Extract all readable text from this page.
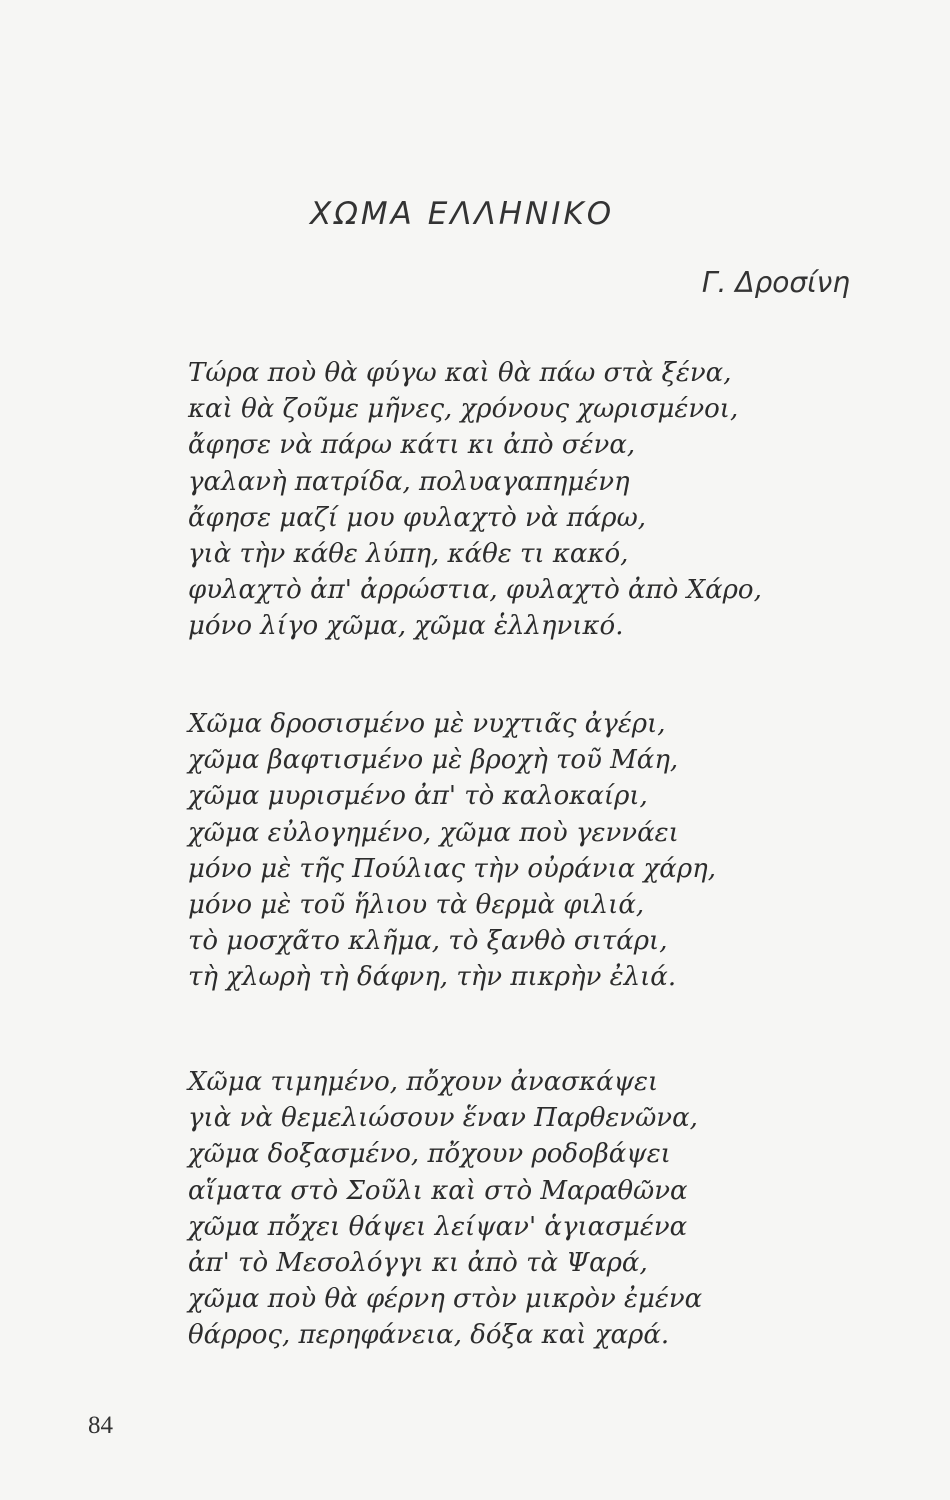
ΧΩΜΑ ΕΛΛΗΝΙΚΟ
Γ. Δροσίνη
Τώρα ποὺ θὰ φύγω καὶ θὰ πάω στὰ ξένα,
καὶ θὰ ζοῦμε μῆνες, χρόνους χωρισμένοι,
ἄφησε νὰ πάρω κάτι κι ἀπὸ σένα,
γαλανὴ πατρίδα, πολυαγαπημένη
ἄφησε μαζί μου φυλαχτὸ νὰ πάρω,
γιὰ τὴν κάθε λύπη, κάθε τι κακό,
φυλαχτὸ ἀπ' ἀρρώστια, φυλαχτὸ ἀπὸ Χάρο,
μόνο λίγο χῶμα, χῶμα ἑλληνικό.
Χῶμα δροσισμένο μὲ νυχτιᾶς ἀγέρι,
χῶμα βαφτισμένο μὲ βροχὴ τοῦ Μάη,
χῶμα μυρισμένο ἀπ' τὸ καλοκαίρι,
χῶμα εὐλογημένο, χῶμα ποὺ γεννάει
μόνο μὲ τῆς Πούλιας τὴν οὐράνια χάρη,
μόνο μὲ τοῦ ἥλιου τὰ θερμὰ φιλιά,
τὸ μοσχᾶτο κλῆμα, τὸ ξανθὸ σιτάρι,
τὴ χλωρὴ τὴ δάφνη, τὴν πικρὴν ἐλιά.
Χῶμα τιμημένο, πὄχουν ἀνασκάψει
γιὰ νὰ θεμελιώσουν ἕναν Παρθενῶνα,
χῶμα δοξασμένο, πὄχουν ροδοβάψει
αἵματα στὸ Σοῦλι καὶ στὸ Μαραθῶνα
χῶμα πὄχει θάψει λείψαν' ἁγιασμένα
ἀπ' τὸ Μεσολόγγι κι ἀπὸ τὰ Ψαρά,
χῶμα ποὺ θὰ φέρνη στὸν μικρὸν ἐμένα
θάρρος, περηφάνεια, δόξα καὶ χαρά.
84
